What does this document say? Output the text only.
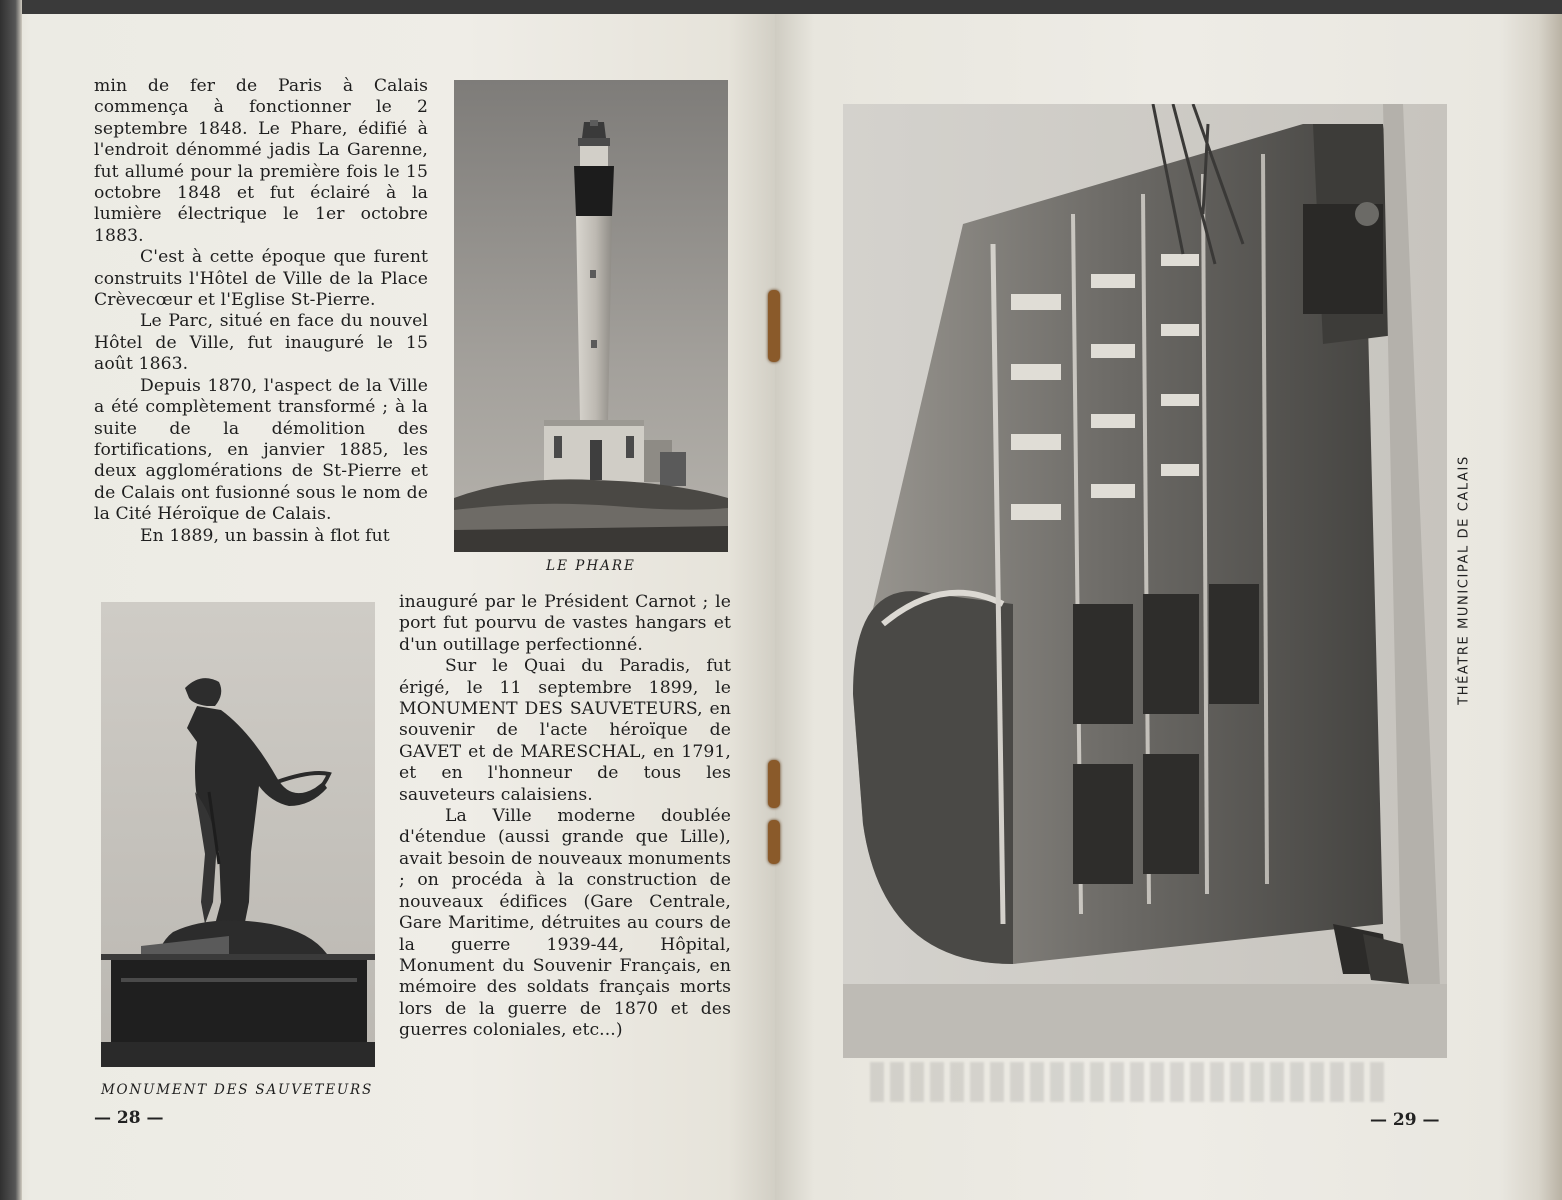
min de fer de Paris à Calais commença à fonctionner le 2 septembre 1848. Le Phare, édifié à l'endroit dénommé jadis La Garenne, fut allumé pour la première fois le 15 octobre 1848 et fut éclairé à la lumière électrique le 1er octobre 1883.

C'est à cette époque que furent construits l'Hôtel de Ville de la Place Crèvecœur et l'Eglise St-Pierre.

Le Parc, situé en face du nouvel Hôtel de Ville, fut inauguré le 15 août 1863.

Depuis 1870, l'aspect de la Ville a été complètement transformé ; à la suite de la démolition des fortifications, en janvier 1885, les deux agglomérations de St-Pierre et de Calais ont fusionné sous le nom de la Cité Héroïque de Calais.

En 1889, un bassin à flot fut

LE PHARE
MONUMENT DES SAUVETEURS

inauguré par le Président Carnot ; le port fut pourvu de vastes hangars et d'un outillage perfectionné.

Sur le Quai du Paradis, fut érigé, le 11 septembre 1899, le MONUMENT DES SAUVETEURS, en souvenir de l'acte héroïque de GAVET et de MARESCHAL, en 1791, et en l'honneur de tous les sauveteurs calaisiens.

La Ville moderne doublée d'étendue (aussi grande que Lille), avait besoin de nouveaux monuments ; on procéda à la construction de nouveaux édifices (Gare Centrale, Gare Maritime, détruites au cours de la guerre 1939-44, Hôpital, Monument du Souvenir Français, en mémoire des soldats français morts lors de la guerre de 1870 et des guerres coloniales, etc...)

— 28 —
THÉATRE MUNICIPAL DE CALAIS
— 29 —
